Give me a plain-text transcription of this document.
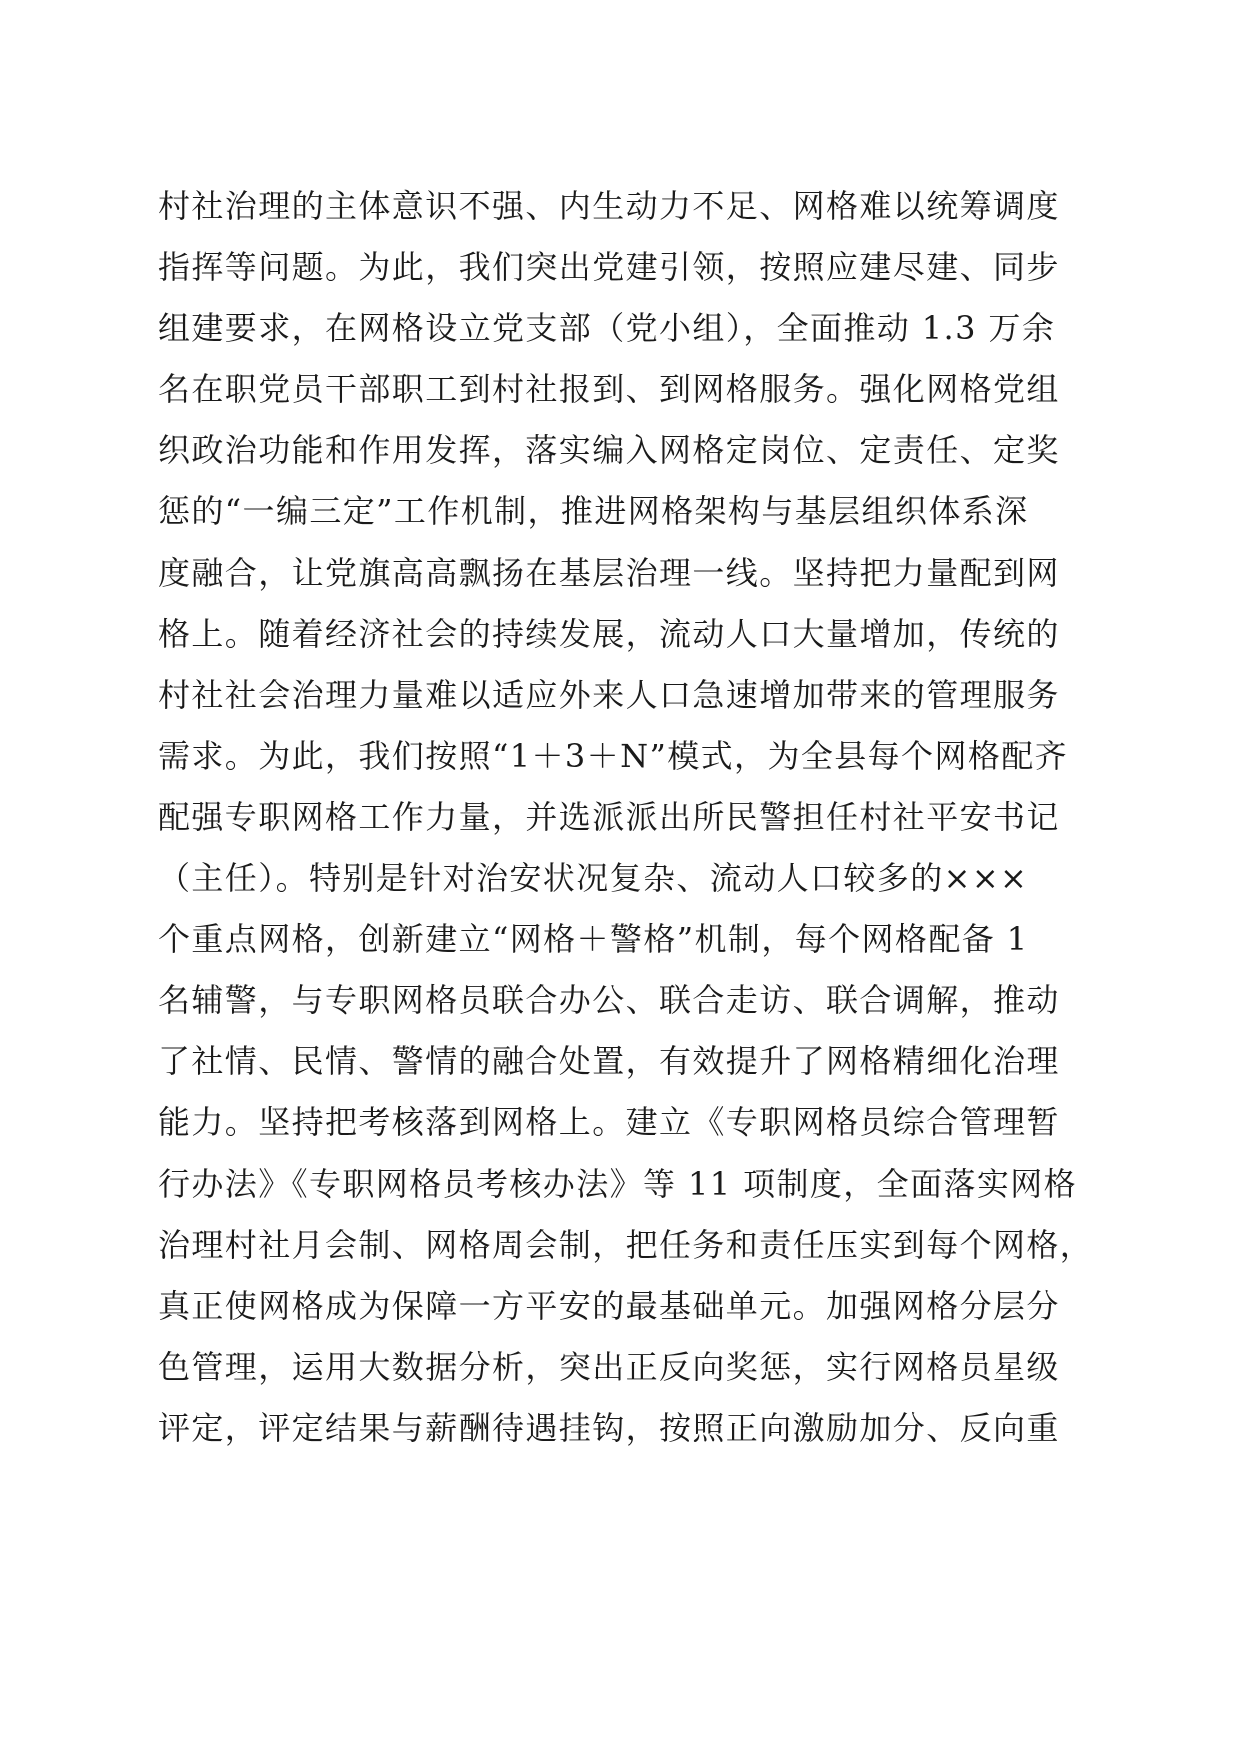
村社治理的主体意识不强、内生动力不足、网格难以统筹调度
指挥等问题。为此，我们突出党建引领，按照应建尽建、同步
组建要求，在网格设立党支部（党小组），全面推动 1.3 万余
名在职党员干部职工到村社报到、到网格服务。强化网格党组
织政治功能和作用发挥，落实编入网格定岗位、定责任、定奖
惩的“一编三定”工作机制，推进网格架构与基层组织体系深
度融合，让党旗高高飘扬在基层治理一线。坚持把力量配到网
格上。随着经济社会的持续发展，流动人口大量增加，传统的
村社社会治理力量难以适应外来人口急速增加带来的管理服务
需求。为此，我们按照“1＋3＋N”模式，为全县每个网格配齐
配强专职网格工作力量，并选派派出所民警担任村社平安书记
（主任）。特别是针对治安状况复杂、流动人口较多的×××
个重点网格，创新建立“网格＋警格”机制，每个网格配备 1
名辅警，与专职网格员联合办公、联合走访、联合调解，推动
了社情、民情、警情的融合处置，有效提升了网格精细化治理
能力。坚持把考核落到网格上。建立《专职网格员综合管理暂
行办法》《专职网格员考核办法》等 11 项制度，全面落实网格
治理村社月会制、网格周会制，把任务和责任压实到每个网格，
真正使网格成为保障一方平安的最基础单元。加强网格分层分
色管理，运用大数据分析，突出正反向奖惩，实行网格员星级
评定，评定结果与薪酬待遇挂钩，按照正向激励加分、反向重
